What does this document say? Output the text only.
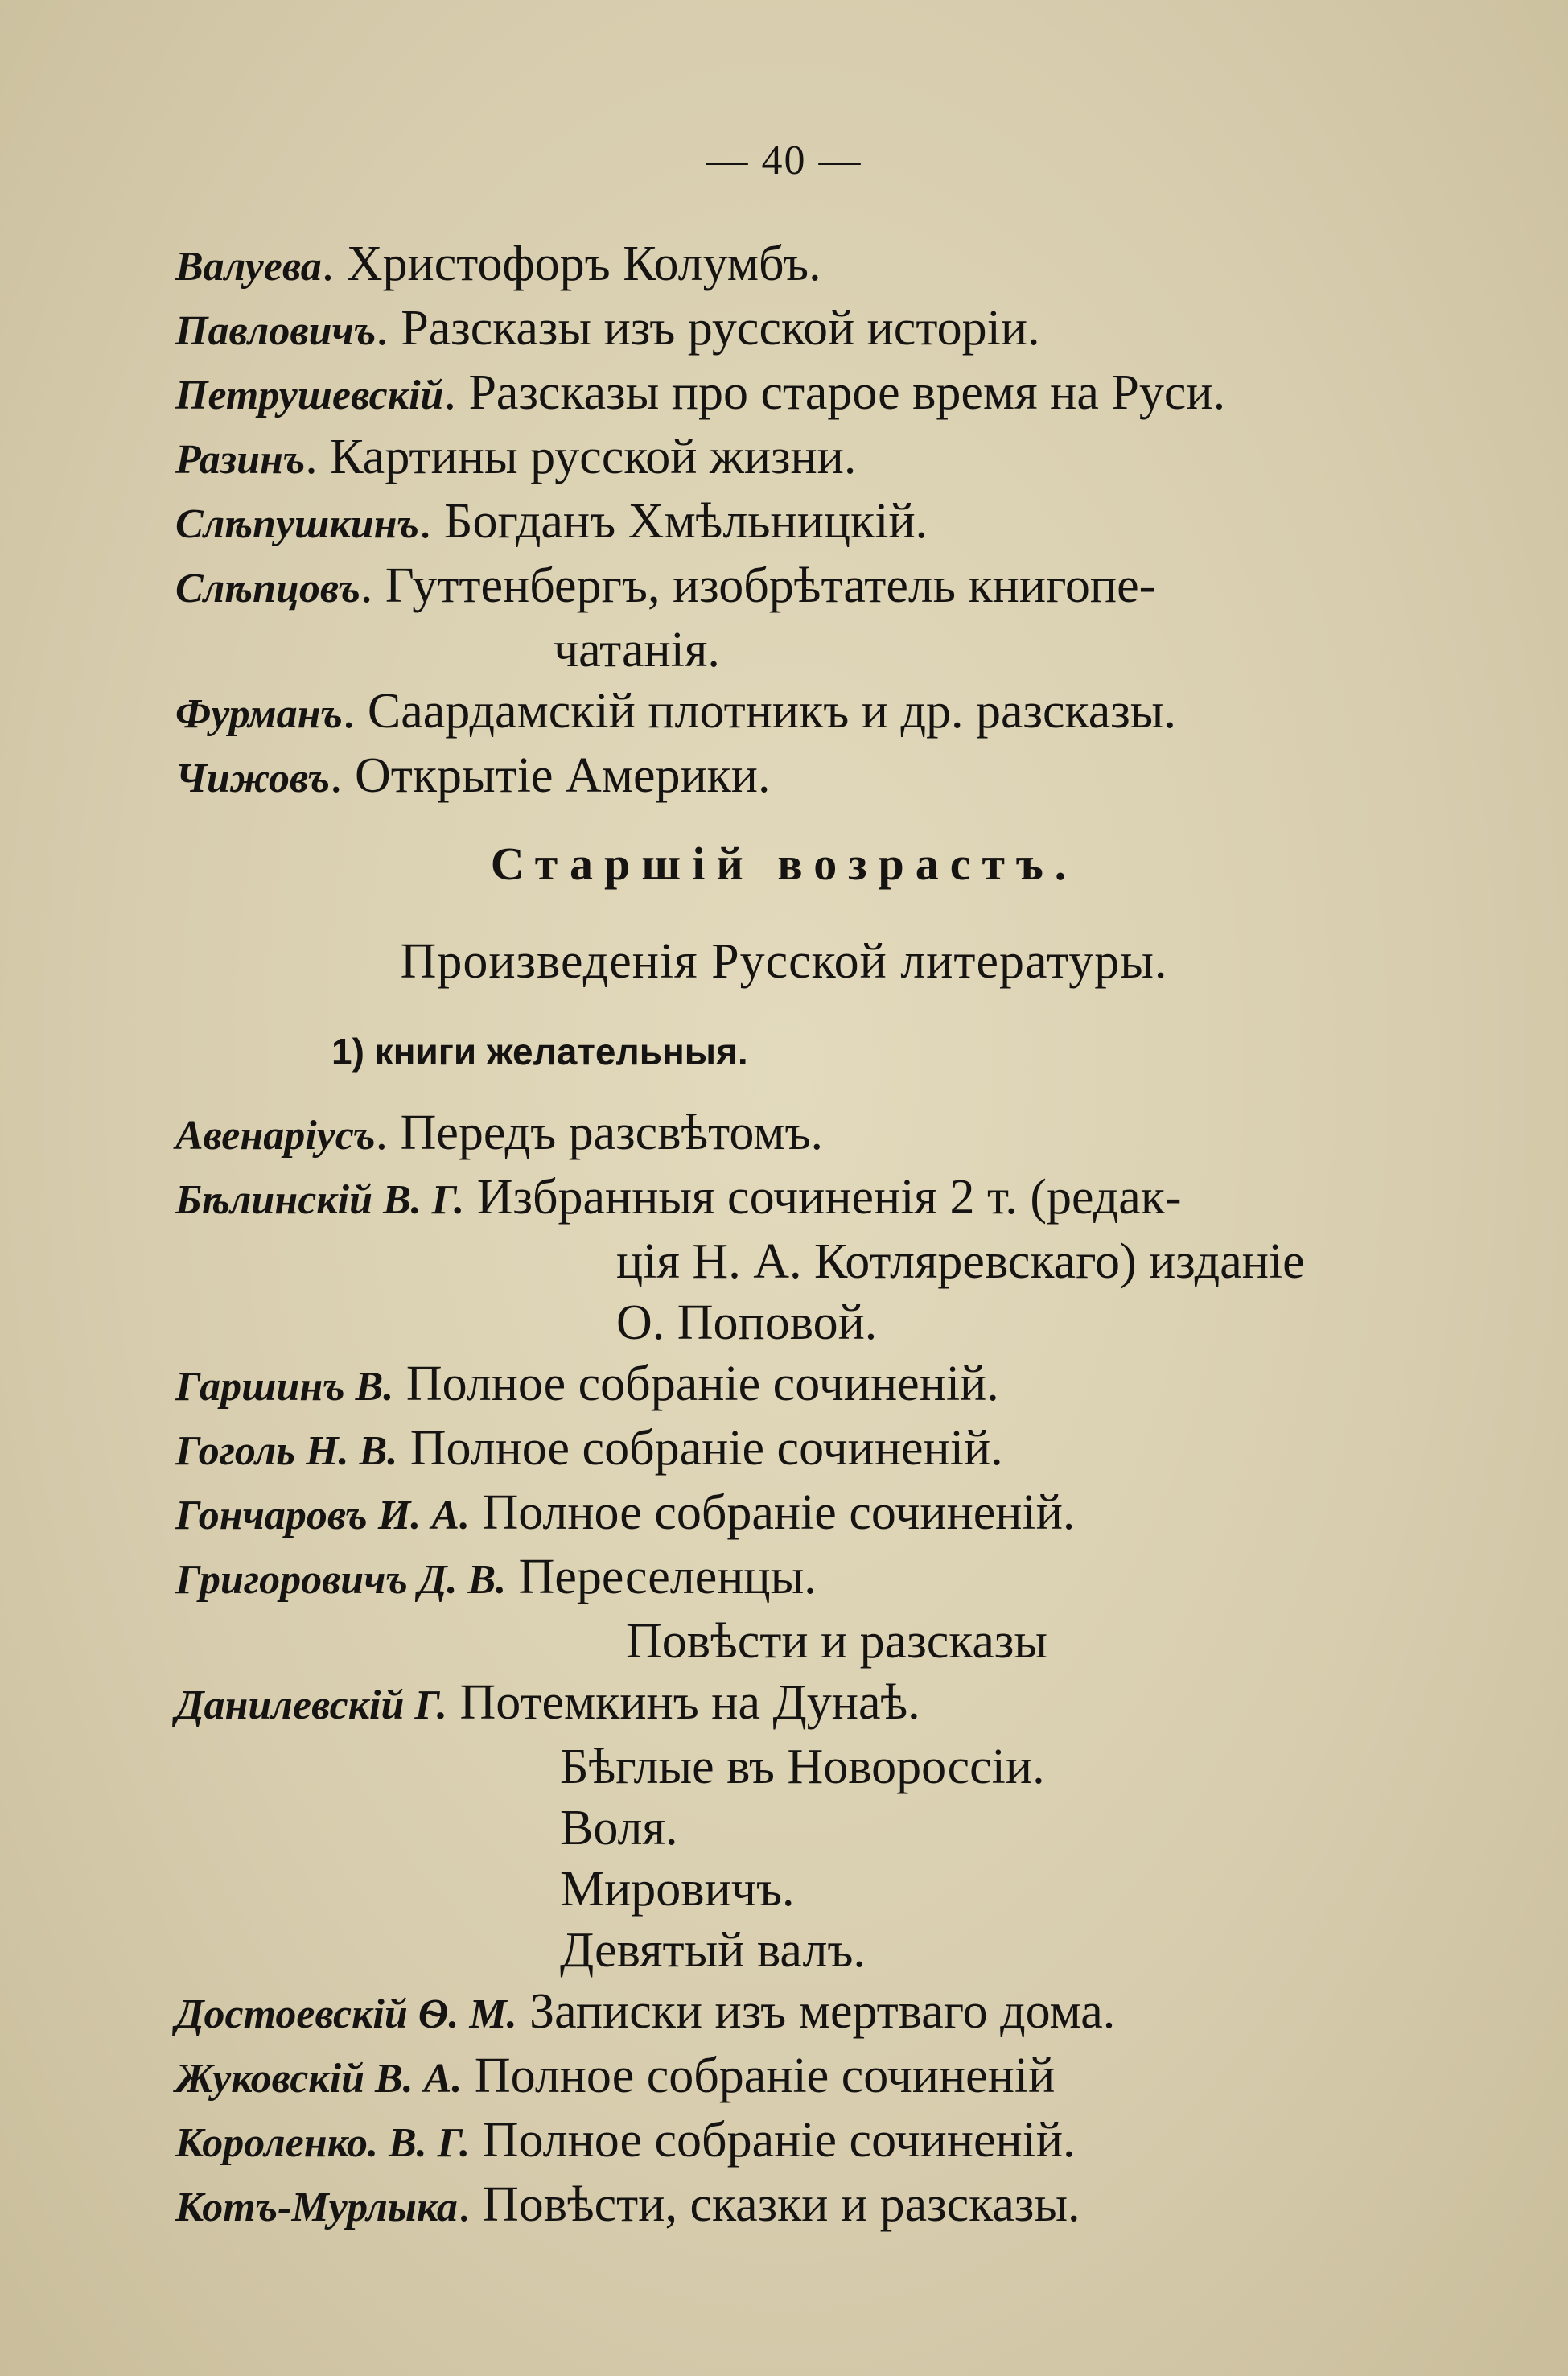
— 40 —
Валуева. Христофоръ Колумбъ.
Павловичъ. Разсказы изъ русской исторіи.
Петрушевскій. Разсказы про старое время на Руси.
Разинъ. Картины русской жизни.
Слѣпушкинъ. Богданъ Хмѣльницкій.
Слѣпцовъ. Гуттенбергъ, изобрѣтатель книгопе-
чатанія.
Фурманъ. Саардамскій плотникъ и др. разсказы.
Чижовъ. Открытіе Америки.
Старшій возрастъ.
Произведенія Русской литературы.
1) книги желательныя.
Авенаріусъ. Передъ разсвѣтомъ.
Бѣлинскій В. Г. Избранныя сочиненія 2 т. (редак-
ція Н. А. Котляревскаго) изданіе
О. Поповой.
Гаршинъ В. Полное собраніе сочиненій.
Гоголь Н. В. Полное собраніе сочиненій.
Гончаровъ И. А. Полное собраніе сочиненій.
Григоровичъ Д. В. Переселенцы.
Повѣсти и разсказы
Данилевскій Г. Потемкинъ на Дунаѣ.
Бѣглые въ Новороссіи.
Воля.
Мировичъ.
Девятый валъ.
Достоевскій Ѳ. М. Записки изъ мертваго дома.
Жуковскій В. А. Полное собраніе сочиненій
Короленко. В. Г. Полное собраніе сочиненій.
Котъ-Мурлыка. Повѣсти, сказки и разсказы.
